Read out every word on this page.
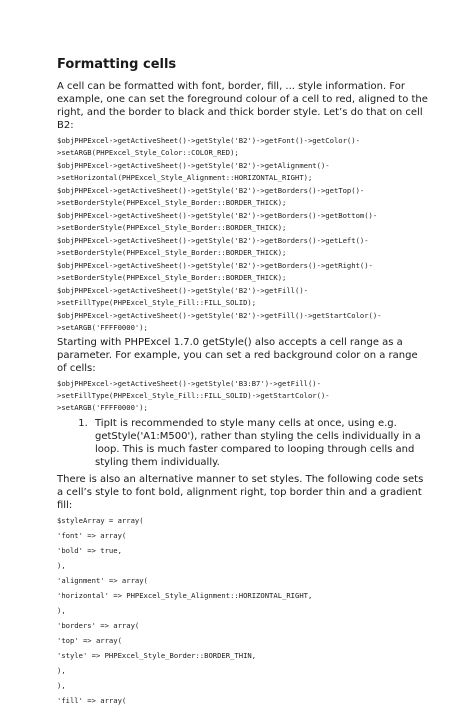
Formatting cells

A cell can be formatted with font, border, fill, ... style information. For example, one can set the foreground colour of a cell to red, aligned to the right, and the border to black and thick border style. Let’s do that on cell B2:

$objPHPExcel->getActiveSheet()->getStyle('B2')->getFont()->getColor()-
>setARGB(PHPExcel_Style_Color::COLOR_RED);
$objPHPExcel->getActiveSheet()->getStyle('B2')->getAlignment()-
>setHorizontal(PHPExcel_Style_Alignment::HORIZONTAL_RIGHT);
$objPHPExcel->getActiveSheet()->getStyle('B2')->getBorders()->getTop()-
>setBorderStyle(PHPExcel_Style_Border::BORDER_THICK);
$objPHPExcel->getActiveSheet()->getStyle('B2')->getBorders()->getBottom()-
>setBorderStyle(PHPExcel_Style_Border::BORDER_THICK);
$objPHPExcel->getActiveSheet()->getStyle('B2')->getBorders()->getLeft()-
>setBorderStyle(PHPExcel_Style_Border::BORDER_THICK);
$objPHPExcel->getActiveSheet()->getStyle('B2')->getBorders()->getRight()-
>setBorderStyle(PHPExcel_Style_Border::BORDER_THICK);
$objPHPExcel->getActiveSheet()->getStyle('B2')->getFill()-
>setFillType(PHPExcel_Style_Fill::FILL_SOLID);
$objPHPExcel->getActiveSheet()->getStyle('B2')->getFill()->getStartColor()-
>setARGB('FFFF0000');

Starting with PHPExcel 1.7.0 getStyle() also accepts a cell range as a parameter. For example, you can set a red background color on a range of cells:

$objPHPExcel->getActiveSheet()->getStyle('B3:B7')->getFill()-
>setFillType(PHPExcel_Style_Fill::FILL_SOLID)->getStartColor()-
>setARGB('FFFF0000');
1. TipIt is recommended to style many cells at once, using e.g. getStyle('A1:M500'), rather than styling the cells individually in a loop. This is much faster compared to looping through cells and styling them individually.

There is also an alternative manner to set styles. The following code sets a cell’s style to font bold, alignment right, top border thin and a gradient fill:

$styleArray = array(
'font' => array(
'bold' => true,
),
'alignment' => array(
'horizontal' => PHPExcel_Style_Alignment::HORIZONTAL_RIGHT,
),
'borders' => array(
'top' => array(
'style' => PHPExcel_Style_Border::BORDER_THIN,
),
),
'fill' => array(
